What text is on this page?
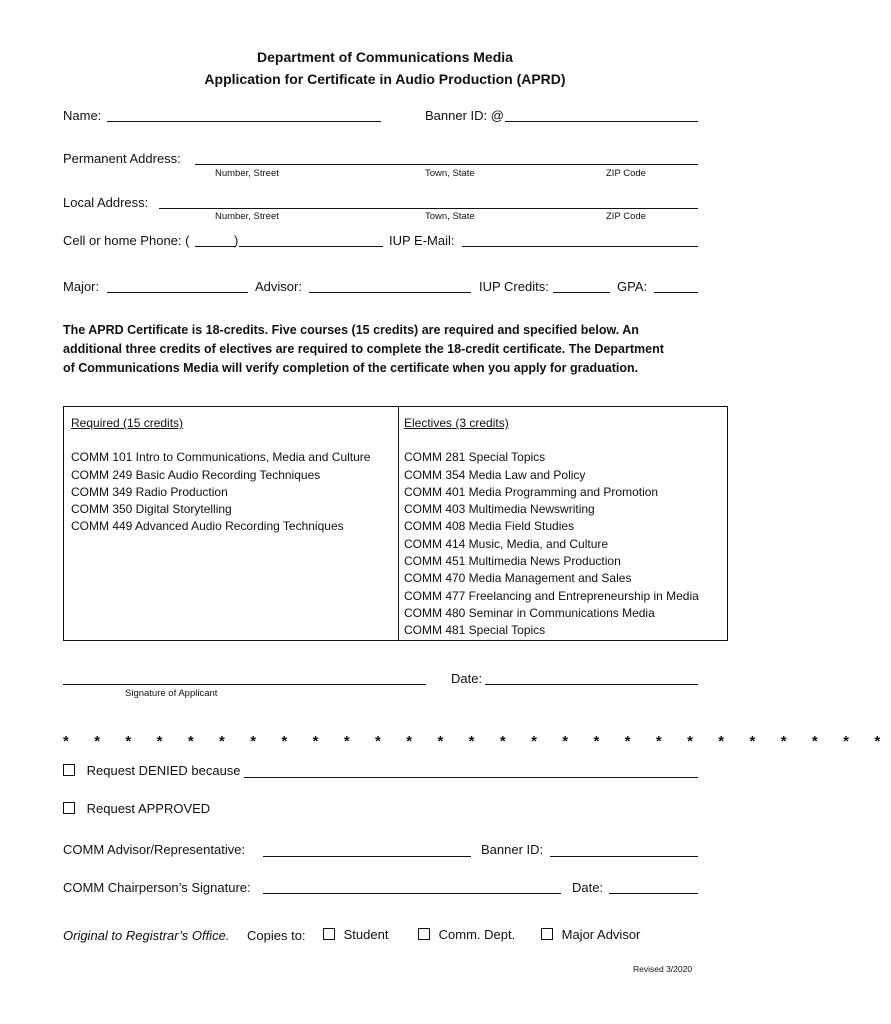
Department of Communications Media
Application for Certificate in Audio Production (APRD)
Name:	Banner ID: @
Permanent Address:
Number, Street	Town, State	ZIP Code
Local Address:
Number, Street	Town, State	ZIP Code
Cell or home Phone: (	)	IUP E-Mail:
Major:	Advisor:	IUP Credits:	GPA:
The APRD Certificate is 18-credits. Five courses (15 credits) are required and specified below. An
additional three credits of electives are required to complete the 18-credit certificate. The Department
of Communications Media will verify completion of the certificate when you apply for graduation.
Required (15 credits)
COMM 101 Intro to Communications, Media and Culture
COMM 249 Basic Audio Recording Techniques
COMM 349 Radio Production
COMM 350 Digital Storytelling
COMM 449 Advanced Audio Recording Techniques
Electives (3 credits)
COMM 281 Special Topics
COMM 354 Media Law and Policy
COMM 401 Media Programming and Promotion
COMM 403 Multimedia Newswriting
COMM 408 Media Field Studies
COMM 414 Music, Media, and Culture
COMM 451 Multimedia News Production
COMM 470 Media Management and Sales
COMM 477 Freelancing and Entrepreneurship in Media
COMM 480 Seminar in Communications Media
COMM 481 Special Topics
Signature of Applicant
Date:
* * * * * * * * * * * * * * * * * * * * * * * * * * *
Request DENIED because
Request APPROVED
COMM Advisor/Representative:	Banner ID:
COMM Chairperson’s Signature:	Date:
Original to Registrar’s Office. Copies to:	Student	Comm. Dept.	Major Advisor
Revised 3/2020
